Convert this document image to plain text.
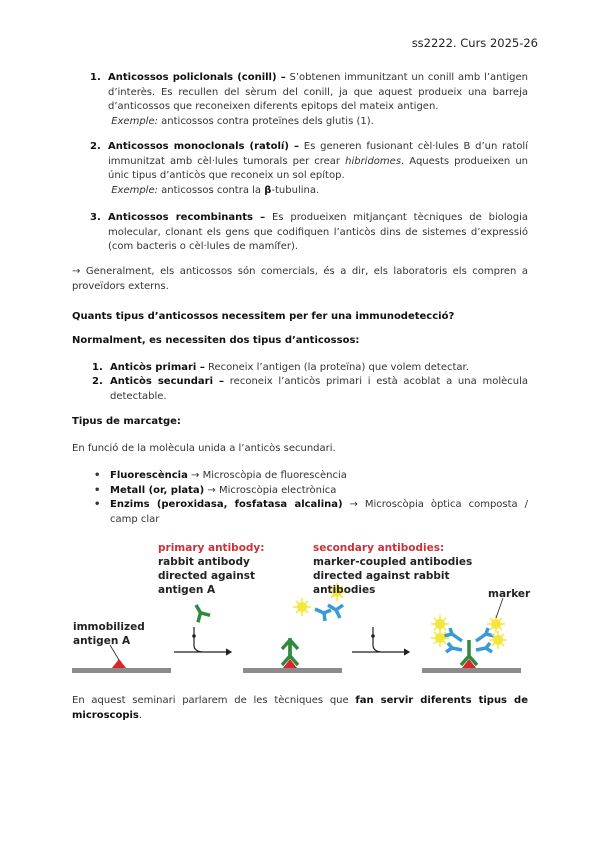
ss2222. Curs 2025-26
1. Anticossos policlonals (conill) – S’obtenen immunitzant un conill amb l’antigen d’interès. Es recullen del sèrum del conill, ja que aquest produeix una barreja d’anticossos que reconeixen diferents epitops del mateix antigen.
Exemple: anticossos contra proteïnes dels glutis (1).
2. Anticossos monoclonals (ratolí) – Es generen fusionant cèl·lules B d’un ratolí immunitzat amb cèl·lules tumorals per crear hibridomes. Aquests produeixen un únic tipus d’anticòs que reconeix un sol epítop.
Exemple: anticossos contra la β-tubulina.
3. Anticossos recombinants – Es produeixen mitjançant tècniques de biologia molecular, clonant els gens que codifiquen l’anticòs dins de sistemes d’expressió (com bacteris o cèl·lules de mamífer).
→ Generalment, els anticossos són comercials, és a dir, els laboratoris els compren a proveïdors externs.
Quants tipus d’anticossos necessitem per fer una immunodetecció?
Normalment, es necessiten dos tipus d’anticossos:
1. Anticòs primari – Reconeix l’antigen (la proteïna) que volem detectar.
2. Anticòs secundari – reconeix l’anticòs primari i està acoblat a una molècula detectable.
Tipus de marcatge:
En funció de la molècula unida a l’anticòs secundari.
• Fluorescència → Microscòpia de fluorescència
• Metall (or, plata) → Microscòpia electrònica
• Enzims (peroxidasa, fosfatasa alcalina) → Microscòpia òptica composta / camp clar
primary antibody:
rabbit antibody
directed against
antigen A
secondary antibodies:
marker-coupled antibodies
directed against rabbit
antibodies
immobilized
antigen A
marker
En aquest seminari parlarem de les tècniques que fan servir diferents tipus de microscopis.
